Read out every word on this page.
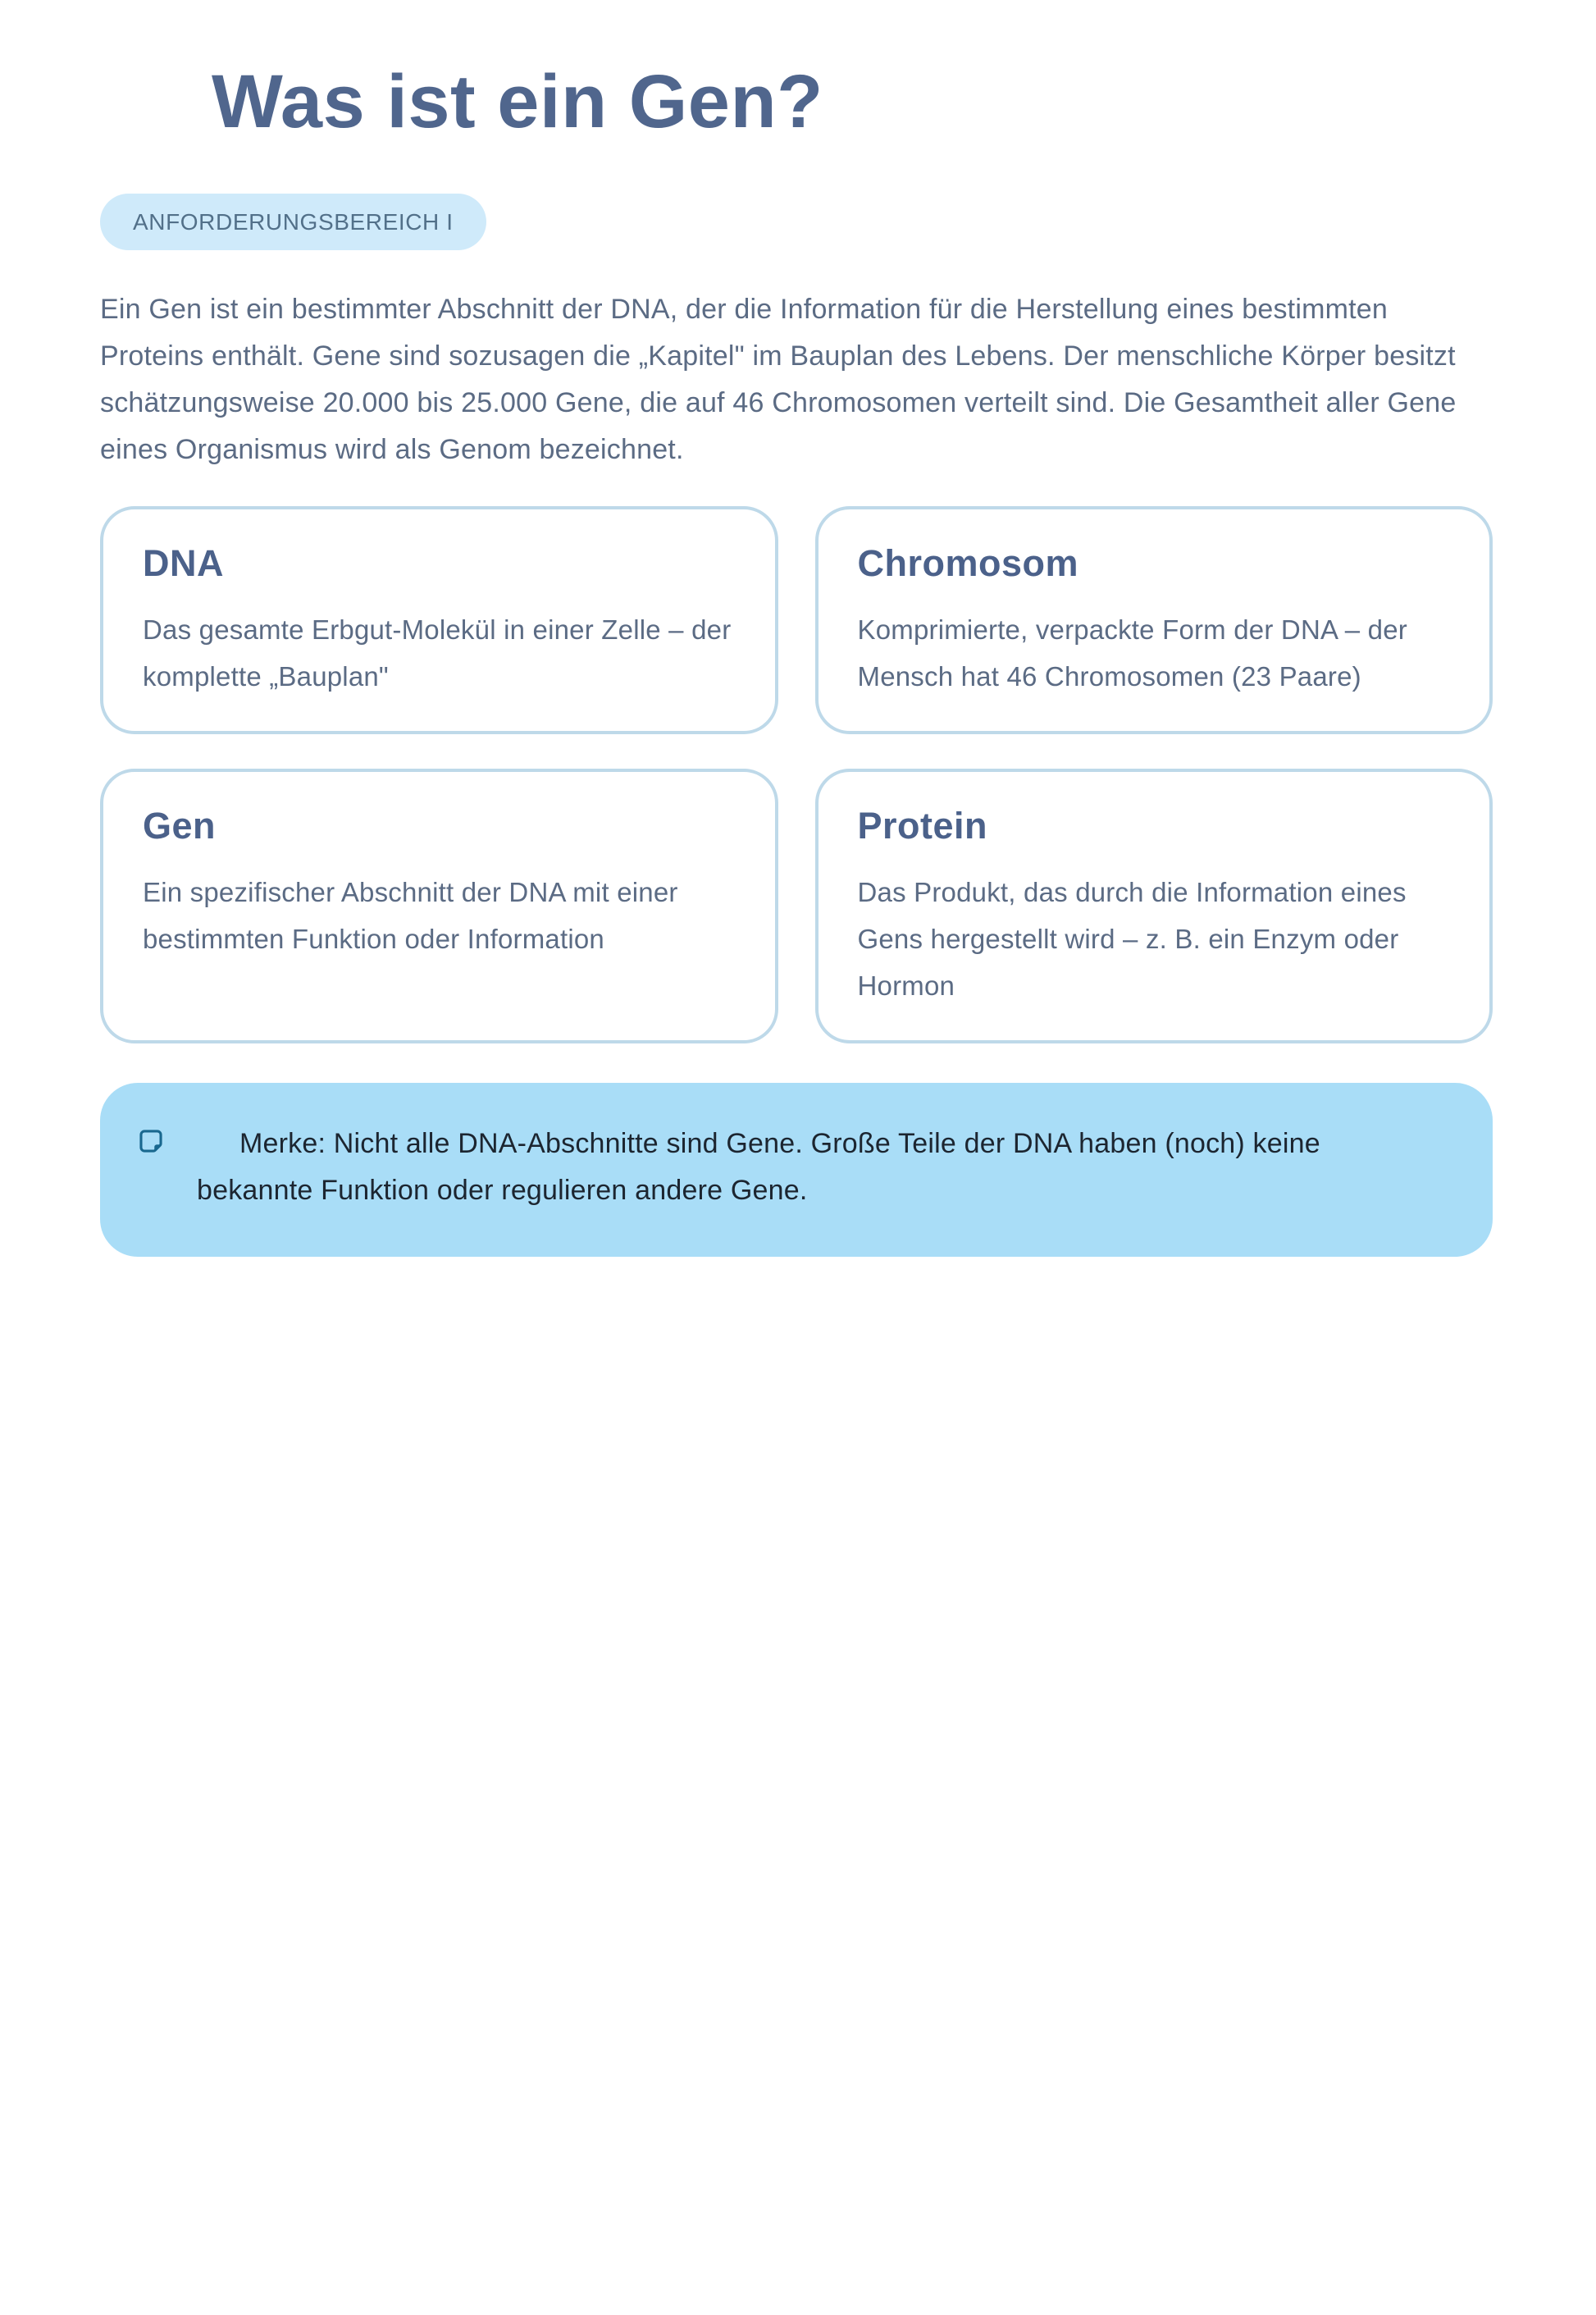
Was ist ein Gen?
ANFORDERUNGSBEREICH I

Ein Gen ist ein bestimmter Abschnitt der DNA, der die Information für die Herstellung eines bestimmten Proteins enthält. Gene sind sozusagen die „Kapitel" im Bauplan des Lebens. Der menschliche Körper besitzt schätzungsweise 20.000 bis 25.000 Gene, die auf 46 Chromosomen verteilt sind. Die Gesamtheit aller Gene eines Organismus wird als Genom bezeichnet.

DNA

Das gesamte Erbgut-Molekül in einer Zelle – der komplette „Bauplan"

Chromosom

Komprimierte, verpackte Form der DNA – der Mensch hat 46 Chromosomen (23 Paare)

Gen

Ein spezifischer Abschnitt der DNA mit einer bestimmten Funktion oder Information

Protein

Das Produkt, das durch die Information eines Gens hergestellt wird – z. B. ein Enzym oder Hormon

Merke: Nicht alle DNA-Abschnitte sind Gene. Große Teile der DNA haben (noch) keine bekannte Funktion oder regulieren andere Gene.
